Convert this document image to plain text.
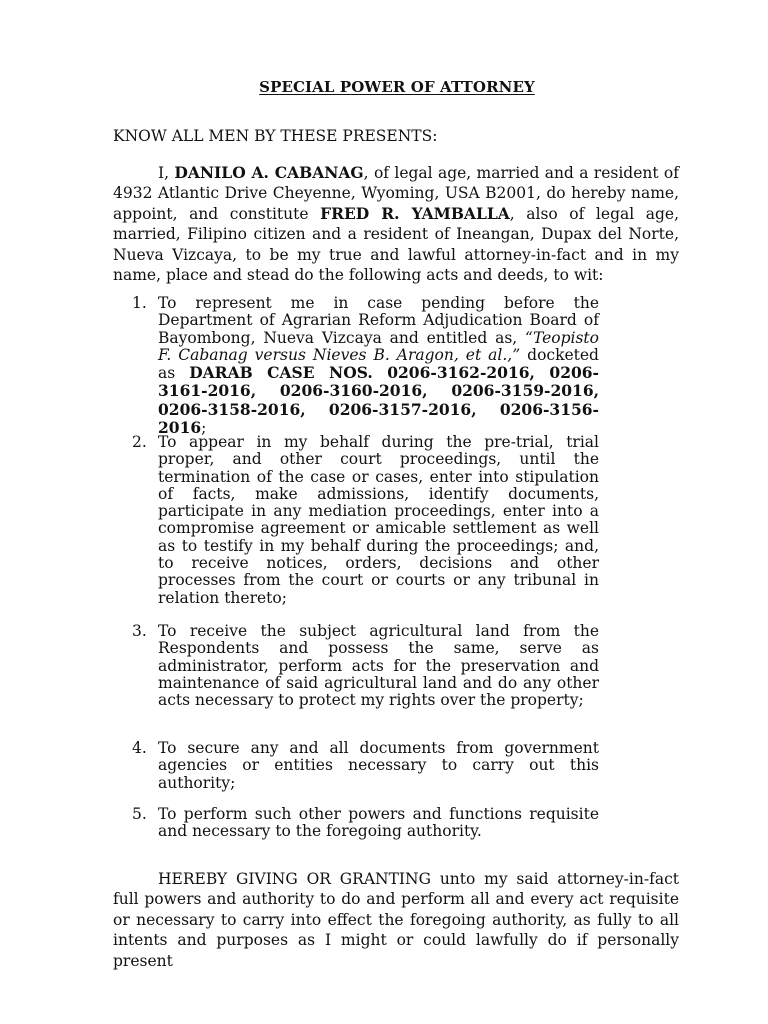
SPECIAL POWER OF ATTORNEY
KNOW ALL MEN BY THESE PRESENTS:
I, DANILO A. CABANAG, of legal age, married and a resident of 4932 Atlantic Drive Cheyenne, Wyoming, USA B2001, do hereby name, appoint, and constitute FRED R. YAMBALLA, also of legal age, married, Filipino citizen and a resident of Ineangan, Dupax del Norte, Nueva Vizcaya, to be my true and lawful attorney-in-fact and in my name, place and stead do the following acts and deeds, to wit:
1. To represent me in case pending before the Department of Agrarian Reform Adjudication Board of Bayombong, Nueva Vizcaya and entitled as, “Teopisto F. Cabanag versus Nieves B. Aragon, et al.,” docketed as DARAB CASE NOS. 0206-3162-2016, 0206-3161-2016, 0206-3160-2016, 0206-3159-2016, 0206-3158-2016, 0206-3157-2016, 0206-3156-2016;
2. To appear in my behalf during the pre-trial, trial proper, and other court proceedings, until the termination of the case or cases, enter into stipulation of facts, make admissions, identify documents, participate in any mediation proceedings, enter into a compromise agreement or amicable settlement as well as to testify in my behalf during the proceedings; and, to receive notices, orders, decisions and other processes from the court or courts or any tribunal in relation thereto;
3. To receive the subject agricultural land from the Respondents and possess the same, serve as administrator, perform acts for the preservation and maintenance of said agricultural land and do any other acts necessary to protect my rights over the property;
4. To secure any and all documents from government agencies or entities necessary to carry out this authority;
5. To perform such other powers and functions requisite and necessary to the foregoing authority.
HEREBY GIVING OR GRANTING unto my said attorney-in-fact full powers and authority to do and perform all and every act requisite or necessary to carry into effect the foregoing authority, as fully to all intents and purposes as I might or could lawfully do if personally present
